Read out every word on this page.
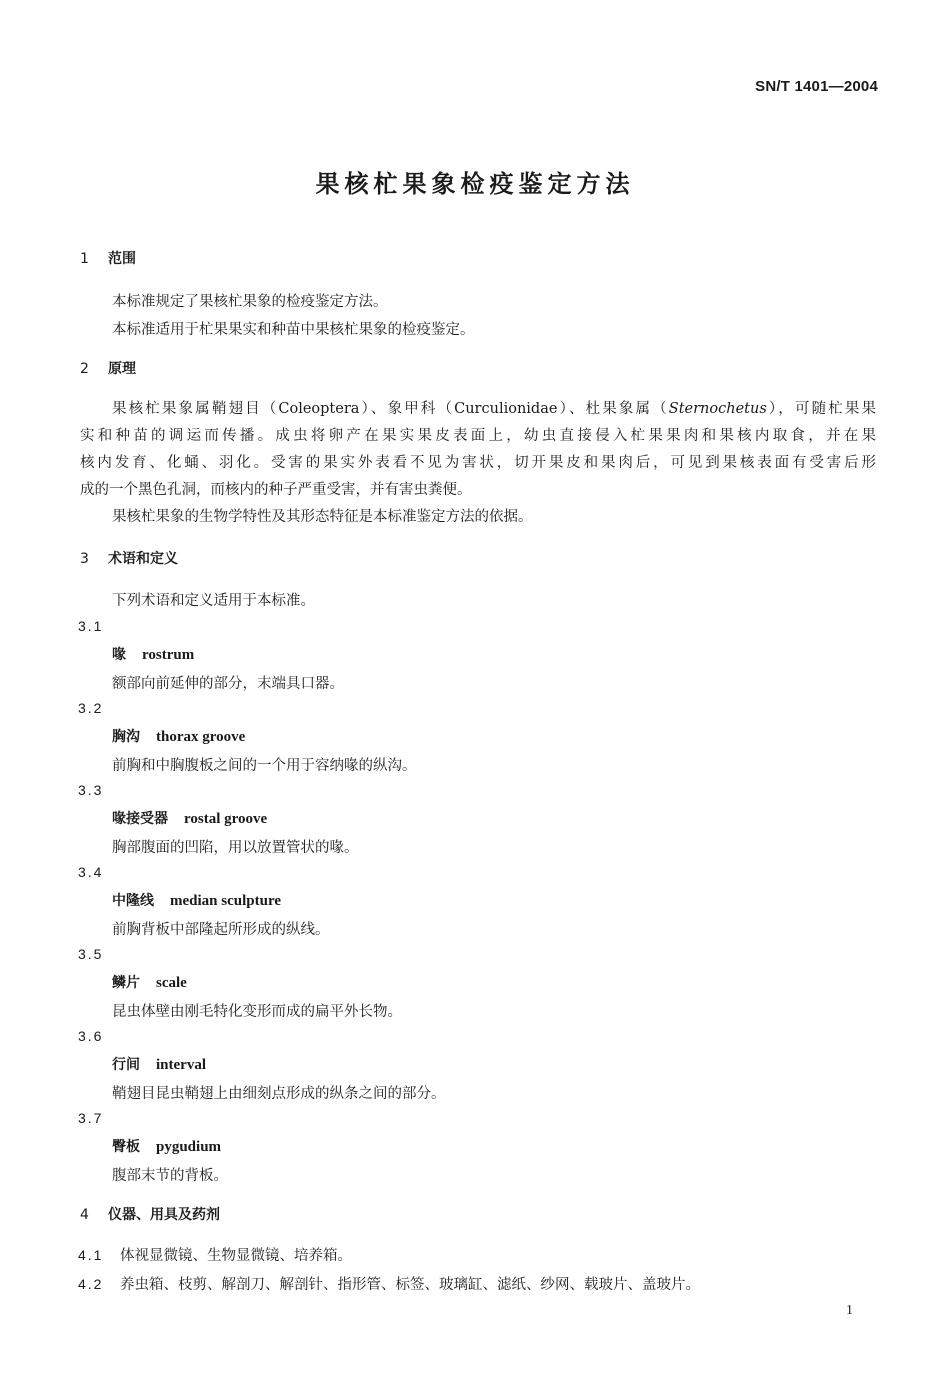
SN/T 1401—2004
果核杧果象检疫鉴定方法
1 范围
本标准规定了果核杧果象的检疫鉴定方法。
本标准适用于杧果果实和种苗中果核杧果象的检疫鉴定。
2 原理
果核杧果象属鞘翅目（Coleoptera）、象甲科（Curculionidae）、杜果象属（Sternochetus），可随杧果果
实和种苗的调运而传播。成虫将卵产在果实果皮表面上，幼虫直接侵入杧果果肉和果核内取食，并在果
核内发育、化蛹、羽化。受害的果实外表看不见为害状，切开果皮和果肉后，可见到果核表面有受害后形
成的一个黑色孔洞，而核内的种子严重受害，并有害虫粪便。
果核杧果象的生物学特性及其形态特征是本标准鉴定方法的依据。
3 术语和定义
下列术语和定义适用于本标准。
3.1
喙 rostrum
额部向前延伸的部分，末端具口器。
3.2
胸沟 thorax groove
前胸和中胸腹板之间的一个用于容纳喙的纵沟。
3.3
喙接受器 rostal groove
胸部腹面的凹陷，用以放置管状的喙。
3.4
中隆线 median sculpture
前胸背板中部隆起所形成的纵线。
3.5
鳞片 scale
昆虫体壁由刚毛特化变形而成的扁平外长物。
3.6
行间 interval
鞘翅目昆虫鞘翅上由细刻点形成的纵条之间的部分。
3.7
臀板 pygudium
腹部末节的背板。
4 仪器、用具及药剂
4.1 体视显微镜、生物显微镜、培养箱。
4.2 养虫箱、枝剪、解剖刀、解剖针、指形管、标签、玻璃缸、滤纸、纱网、载玻片、盖玻片。
1
